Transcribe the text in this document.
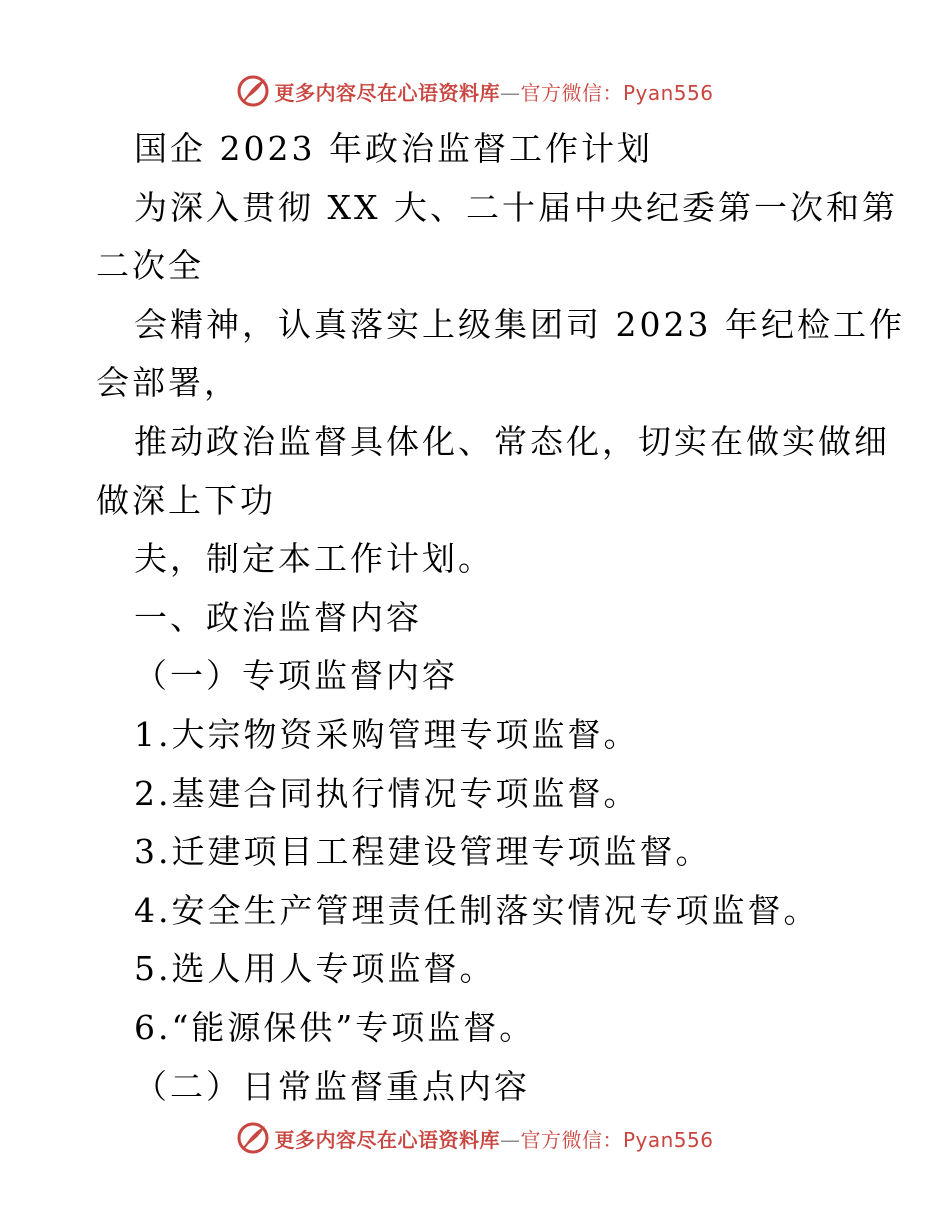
更多内容尽在心语资料库—官方微信：Pyan556
国企 2023 年政治监督工作计划
为深入贯彻 XX 大、二十届中央纪委第一次和第
二次全
会精神，认真落实上级集团司 2023 年纪检工作
会部署，
推动政治监督具体化、常态化，切实在做实做细
做深上下功
夫，制定本工作计划。
一、政治监督内容
（一）专项监督内容
1.大宗物资采购管理专项监督。
2.基建合同执行情况专项监督。
3.迁建项目工程建设管理专项监督。
4.安全生产管理责任制落实情况专项监督。
5.选人用人专项监督。
6.“能源保供”专项监督。
（二）日常监督重点内容
更多内容尽在心语资料库—官方微信：Pyan556
